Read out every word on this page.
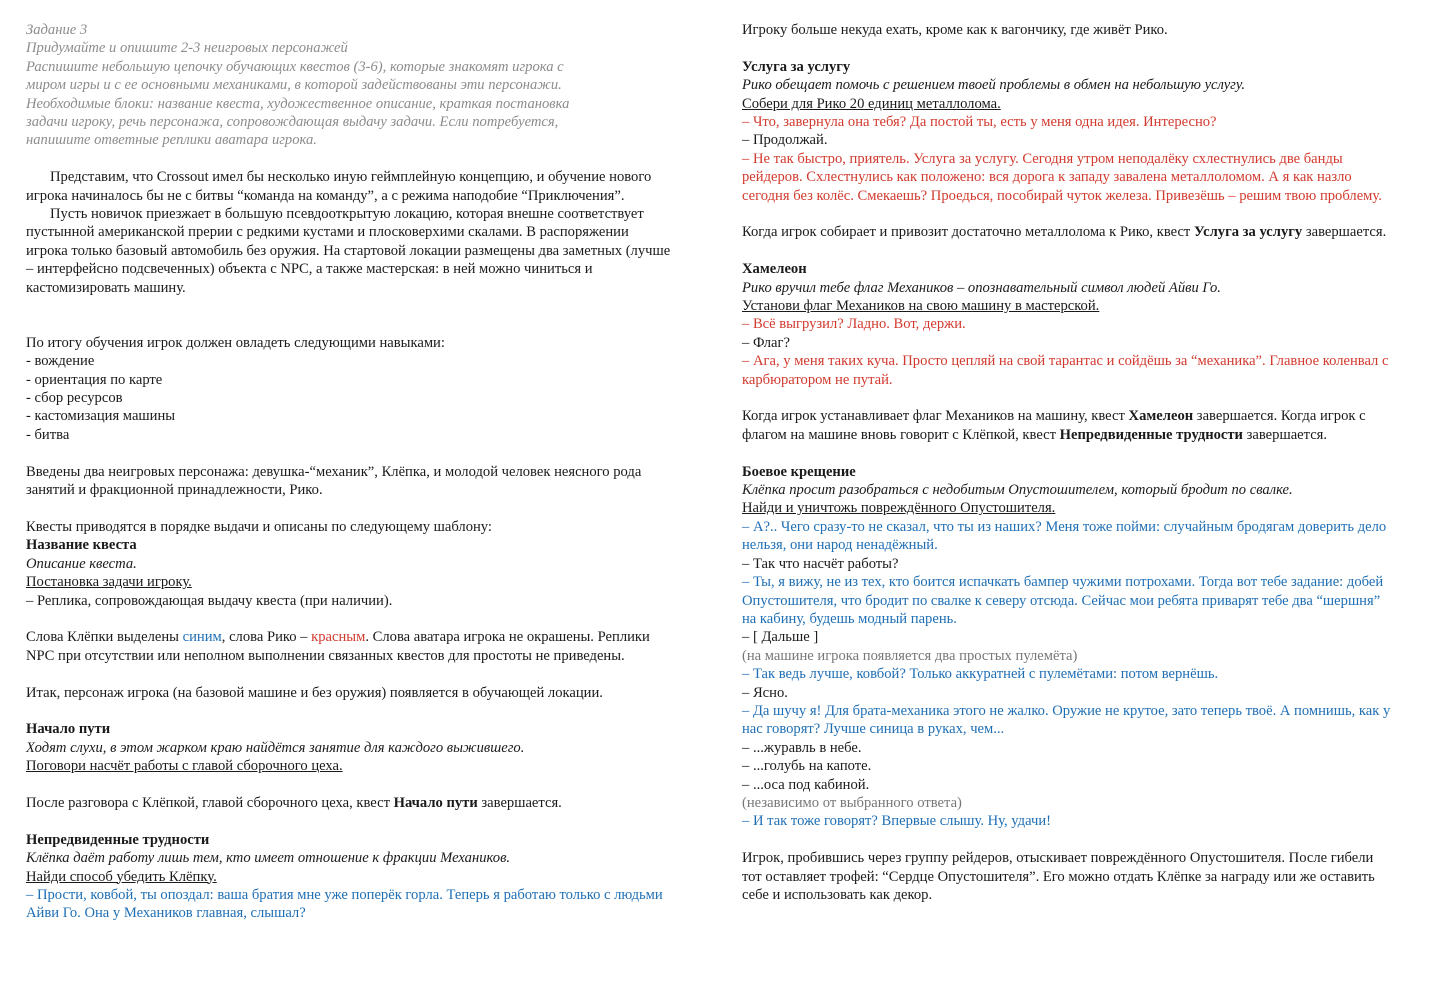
Задание 3

Придумайте и опишите 2-3 неигровых персонажей

Распишите небольшую цепочку обучающих квестов (3-6), которые знакомят игрока с

миром игры и с ее основными механиками, в которой задействованы эти персонажи.

Необходимые блоки: название квеста, художественное описание, краткая постановка

задачи игроку, речь персонажа, сопровождающая выдачу задачи. Если потребуется,

напишите ответные реплики аватара игрока.

Представим, что Crossout имел бы несколько иную геймплейную концепцию, и обучение нового игрока начиналось бы не с битвы “команда на команду”, а с режима наподобие “Приключения”.

Пусть новичок приезжает в большую псевдооткрытую локацию, которая внешне соответствует пустынной американской прерии с редкими кустами и плосковерхими скалами. В распоряжении игрока только базовый автомобиль без оружия. На стартовой локации размещены два заметных (лучше – интерфейсно подсвеченных) объекта с NPC, а также мастерская: в ней можно чиниться и кастомизировать машину.

По итогу обучения игрок должен овладеть следующими навыками:

- вождение

- ориентация по карте

- сбор ресурсов

- кастомизация машины

- битва

Введены два неигровых персонажа: девушка-“механик”, Клёпка, и молодой человек неясного рода занятий и фракционной принадлежности, Рико.

Квесты приводятся в порядке выдачи и описаны по следующему шаблону:

Название квеста

Описание квеста.

Постановка задачи игроку.

– Реплика, сопровождающая выдачу квеста (при наличии).

Слова Клёпки выделены синим, слова Рико – красным. Слова аватара игрока не окрашены. Реплики NPC при отсутствии или неполном выполнении связанных квестов для простоты не приведены.

Итак, персонаж игрока (на базовой машине и без оружия) появляется в обучающей локации.

Начало пути

Ходят слухи, в этом жарком краю найдётся занятие для каждого выжившего.

Поговори насчёт работы с главой сборочного цеха.

После разговора с Клёпкой, главой сборочного цеха, квест Начало пути завершается.

Непредвиденные трудности

Клёпка даёт работу лишь тем, кто имеет отношение к фракции Механиков.

Найди способ убедить Клёпку.

– Прости, ковбой, ты опоздал: ваша братия мне уже поперёк горла. Теперь я работаю только с людьми Айви Го. Она у Механиков главная, слышал?

Игроку больше некуда ехать, кроме как к вагончику, где живёт Рико.

Услуга за услугу

Рико обещает помочь с решением твоей проблемы в обмен на небольшую услугу.

Собери для Рико 20 единиц металлолома.

– Что, завернула она тебя? Да постой ты, есть у меня одна идея. Интересно?

– Продолжай.

– Не так быстро, приятель. Услуга за услугу. Сегодня утром неподалёку схлестнулись две банды рейдеров. Схлестнулись как положено: вся дорога к западу завалена металлоломом. А я как назло сегодня без колёс. Смекаешь? Проедься, пособирай чуток железа. Привезёшь – решим твою проблему.

Когда игрок собирает и привозит достаточно металлолома к Рико, квест Услуга за услугу завершается.

Хамелеон

Рико вручил тебе флаг Механиков – опознавательный символ людей Айви Го.

Установи флаг Механиков на свою машину в мастерской.

– Всё выгрузил? Ладно. Вот, держи.

– Флаг?

– Ага, у меня таких куча. Просто цепляй на свой тарантас и сойдёшь за “механика”. Главное коленвал с карбюратором не путай.

Когда игрок устанавливает флаг Механиков на машину, квест Хамелеон завершается. Когда игрок с флагом на машине вновь говорит с Клёпкой, квест Непредвиденные трудности завершается.

Боевое крещение

Клёпка просит разобраться с недобитым Опустошителем, который бродит по свалке.

Найди и уничтожь повреждённого Опустошителя.

– А?.. Чего сразу-то не сказал, что ты из наших? Меня тоже пойми: случайным бродягам доверить дело нельзя, они народ ненадёжный.

– Так что насчёт работы?

– Ты, я вижу, не из тех, кто боится испачкать бампер чужими потрохами. Тогда вот тебе задание: добей Опустошителя, что бродит по свалке к северу отсюда. Сейчас мои ребята приварят тебе два “шершня” на кабину, будешь модный парень.

– [ Дальше ]

(на машине игрока появляется два простых пулемёта)

– Так ведь лучше, ковбой? Только аккуратней с пулемётами: потом вернёшь.

– Ясно.

– Да шучу я! Для брата-механика этого не жалко. Оружие не крутое, зато теперь твоё. А помнишь, как у нас говорят? Лучше синица в руках, чем...

– ...журавль в небе.

– ...голубь на капоте.

– ...оса под кабиной.

(независимо от выбранного ответа)

– И так тоже говорят? Впервые слышу. Ну, удачи!

Игрок, пробившись через группу рейдеров, отыскивает повреждённого Опустошителя. После гибели тот оставляет трофей: “Сердце Опустошителя”. Его можно отдать Клёпке за награду или же оставить себе и использовать как декор.
